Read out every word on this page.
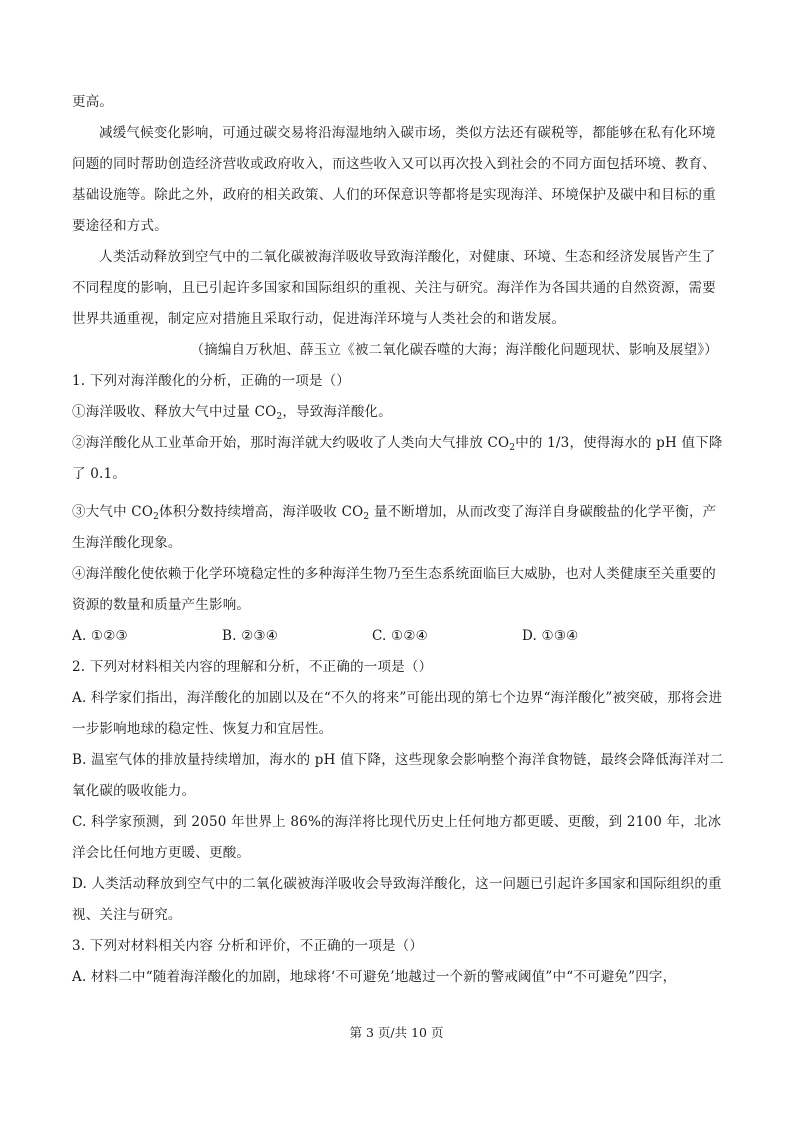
更高。

减缓气候变化影响，可通过碳交易将沿海湿地纳入碳市场，类似方法还有碳税等，都能够在私有化环境问题的同时帮助创造经济营收或政府收入，而这些收入又可以再次投入到社会的不同方面包括环境、教育、基础设施等。除此之外，政府的相关政策、人们的环保意识等都将是实现海洋、环境保护及碳中和目标的重要途径和方式。

人类活动释放到空气中的二氧化碳被海洋吸收导致海洋酸化，对健康、环境、生态和经济发展皆产生了不同程度的影响，且已引起许多国家和国际组织的重视、关注与研究。海洋作为各国共通的自然资源，需要世界共通重视，制定应对措施且采取行动，促进海洋环境与人类社会的和谐发展。

（摘编自万秋旭、薛玉立《被二氧化碳吞噬的大海；海洋酸化问题现状、影响及展望》）

1. 下列对海洋酸化的分析，正确的一项是（）

①海洋吸收、释放大气中过量 $CO_2$，导致海洋酸化。

②海洋酸化从工业革命开始，那时海洋就大约吸收了人类向大气排放 $CO_2$中的 1/3，使得海水的 pH 值下降了 0.1。

③大气中 $CO_2$体积分数持续增高，海洋吸收 $CO_2$ 量不断增加，从而改变了海洋自身碳酸盐的化学平衡，产生海洋酸化现象。

④海洋酸化使依赖于化学环境稳定性的多种海洋生物乃至生态系统面临巨大威胁，也对人类健康至关重要的资源的数量和质量产生影响。

A. ①②③	B. ②③④	C. ①②④	D. ①③④

2. 下列对材料相关内容的理解和分析，不正确的一项是（）

A. 科学家们指出，海洋酸化的加剧以及在“不久的将来”可能出现的第七个边界“海洋酸化”被突破，那将会进一步影响地球的稳定性、恢复力和宜居性。

B. 温室气体的排放量持续增加，海水的 pH 值下降，这些现象会影响整个海洋食物链，最终会降低海洋对二氧化碳的吸收能力。

C. 科学家预测，到 2050 年世界上 86%的海洋将比现代历史上任何地方都更暖、更酸，到 2100 年，北冰洋会比任何地方更暖、更酸。

D. 人类活动释放到空气中的二氧化碳被海洋吸收会导致海洋酸化，这一问题已引起许多国家和国际组织的重视、关注与研究。

3. 下列对材料相关内容 分析和评价，不正确的一项是（）

A. 材料二中“随着海洋酸化的加剧，地球将‘不可避免’地越过一个新的警戒阈值”中“不可避免”四字，

第 3 页/共 10 页
